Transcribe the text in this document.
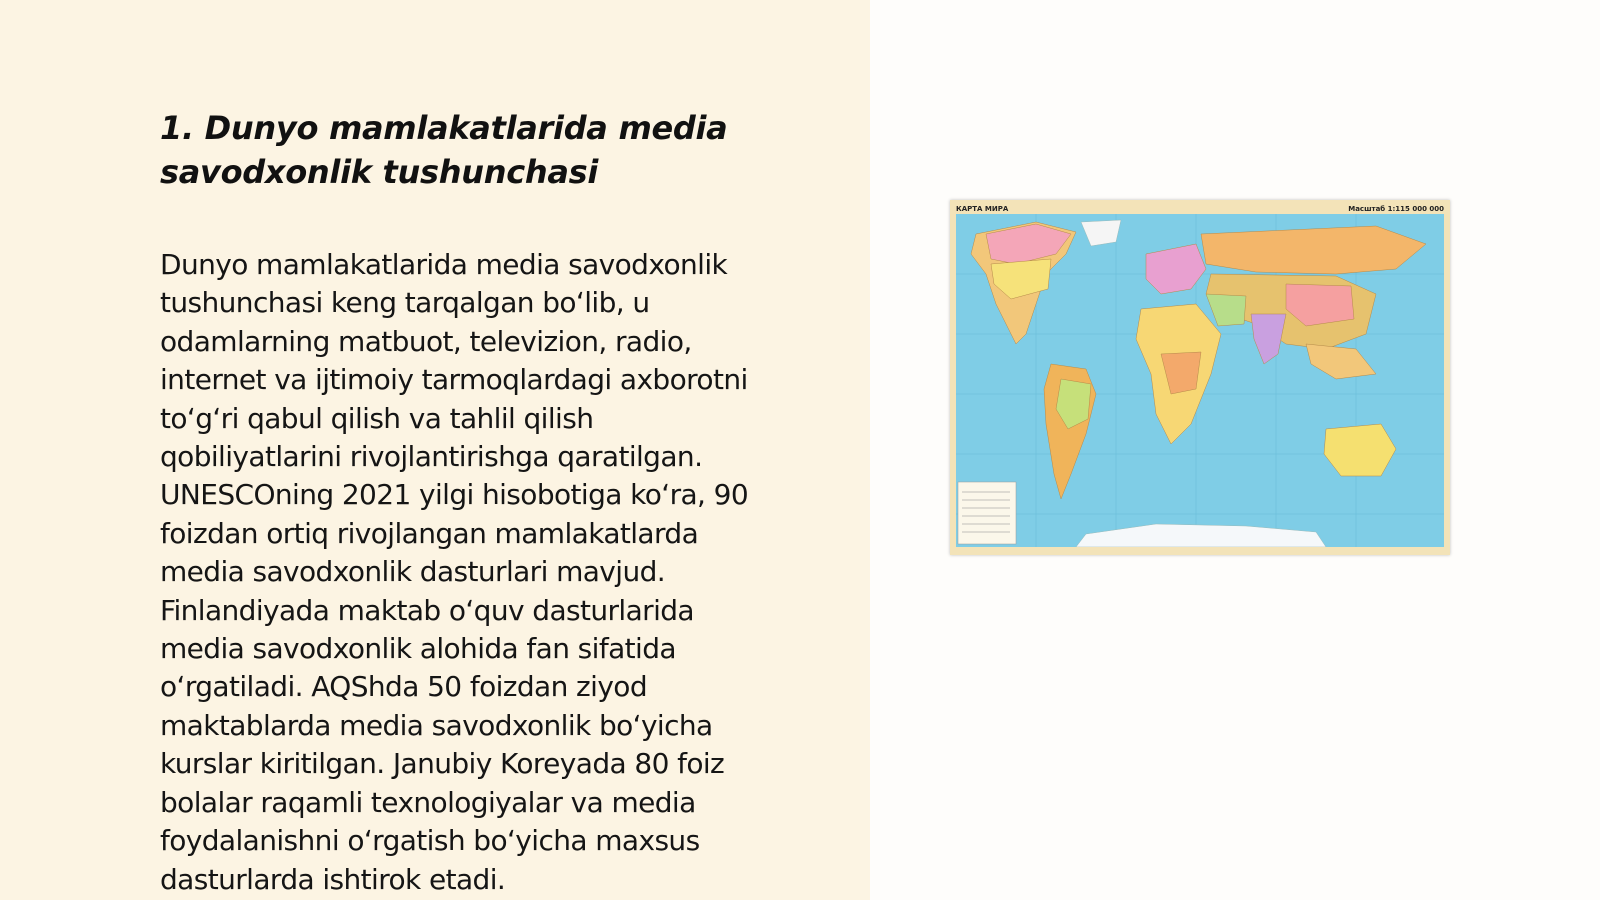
1. Dunyo mamlakatlarida media savodxonlik tushunchasi

Dunyo mamlakatlarida media savodxonlik
tushunchasi keng tarqalgan boʻlib, u
odamlarning matbuot, televizion, radio,
internet va ijtimoiy tarmoqlardagi axborotni
toʻgʻri qabul qilish va tahlil qilish
qobiliyatlarini rivojlantirishga qaratilgan.
UNESCOning 2021 yilgi hisobotiga koʻra, 90
foizdan ortiq rivojlangan mamlakatlarda
media savodxonlik dasturlari mavjud.
Finlandiyada maktab oʻquv dasturlarida
media savodxonlik alohida fan sifatida
oʻrgatiladi. AQShda 50 foizdan ziyod
maktablarda media savodxonlik boʻyicha
kurslar kiritilgan. Janubiy Koreyada 80 foiz
bolalar raqamli texnologiyalar va media
foydalanishni oʻrgatish boʻyicha maxsus
dasturlarda ishtirok etadi.

КАРТА МИРА	Масштаб 1:115 000 000
